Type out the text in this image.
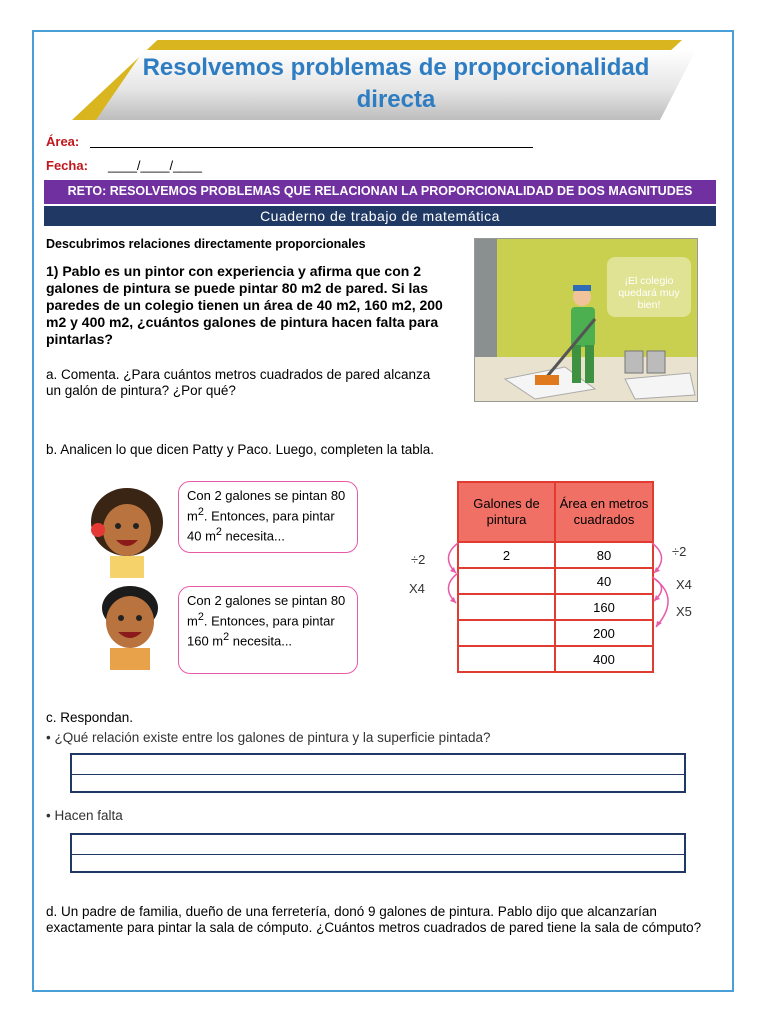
Resolvemos problemas de proporcionalidad
directa
Área:
Fecha: ____/____/____
RETO: RESOLVEMOS PROBLEMAS QUE RELACIONAN LA PROPORCIONALIDAD DE DOS MAGNITUDES
Cuaderno de trabajo de matemática
Descubrimos relaciones directamente proporcionales
1) Pablo es un pintor con experiencia y afirma que con 2 galones de pintura se puede pintar 80 m2 de pared. Si las paredes de un colegio tienen un área de 40 m2, 160 m2, 200 m2 y 400 m2, ¿cuántos galones de pintura hacen falta para pintarlas?
¡El colegio quedará muy bien!
a. Comenta. ¿Para cuántos metros cuadrados de pared alcanza un galón de pintura? ¿Por qué?
b. Analicen lo que dicen Patty y Paco. Luego, completen la tabla.
Con 2 galones se pintan 80 $m^2$. Entonces, para pintar 40 $m^2$ necesita...
Con 2 galones se pintan 80 $m^2$. Entonces, para pintar 160 $m^2$ necesita...
Galones de pintura	Área en metros cuadrados
2	80
	40
	160
	200
	400
÷2
X4
÷2
X4
X5
c. Respondan.
• ¿Qué relación existe entre los galones de pintura y la superficie pintada?
• Hacen falta
d. Un padre de familia, dueño de una ferretería, donó 9 galones de pintura. Pablo dijo que alcanzarían exactamente para pintar la sala de cómputo. ¿Cuántos metros cuadrados de pared tiene la sala de cómputo?
